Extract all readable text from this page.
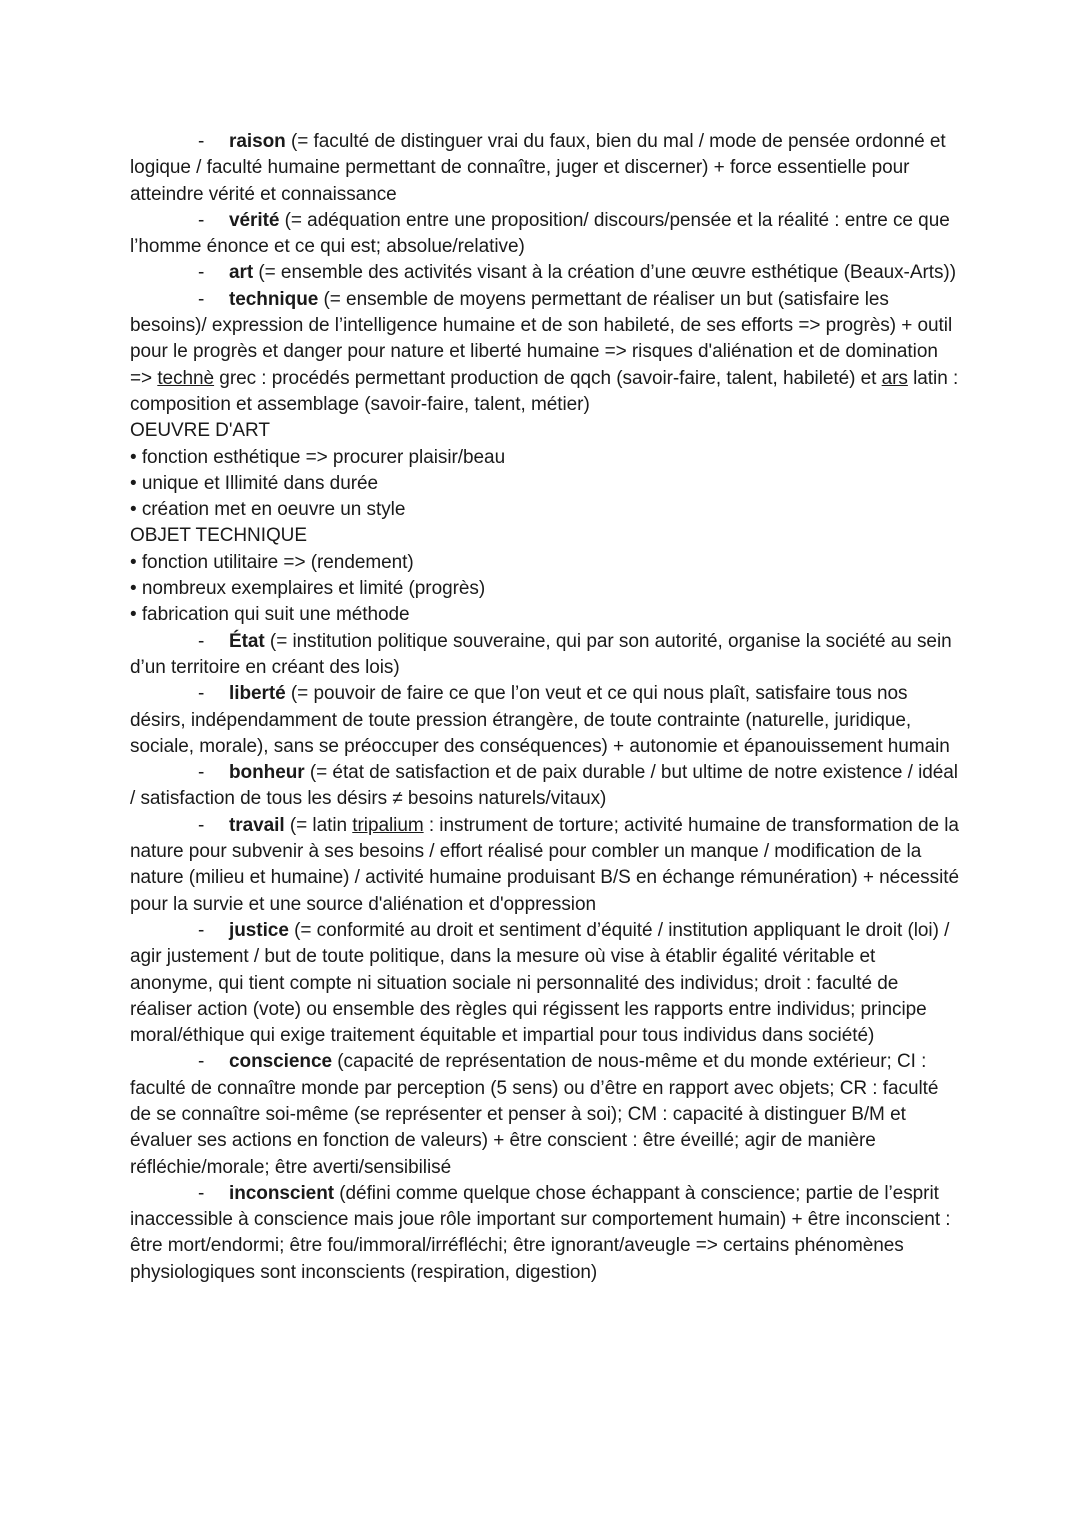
- raison (= faculté de distinguer vrai du faux, bien du mal / mode de pensée ordonné et logique / faculté humaine permettant de connaître, juger et discerner) + force essentielle pour atteindre vérité et connaissance

- vérité (= adéquation entre une proposition/ discours/pensée et la réalité : entre ce que l’homme énonce et ce qui est; absolue/relative)

- art (= ensemble des activités visant à la création d’une œuvre esthétique (Beaux-Arts))

- technique (= ensemble de moyens permettant de réaliser un but (satisfaire les besoins)/ expression de l’intelligence humaine et de son habileté, de ses efforts => progrès) + outil pour le progrès et danger pour nature et liberté humaine => risques d'aliénation et de domination

=> technè grec : procédés permettant production de qqch (savoir-faire, talent, habileté) et ars latin : composition et assemblage (savoir-faire, talent, métier)

OEUVRE D'ART

• fonction esthétique => procurer plaisir/beau

• unique et Illimité dans durée

• création met en oeuvre un style

OBJET TECHNIQUE

• fonction utilitaire => (rendement)

• nombreux exemplaires et limité (progrès)

• fabrication qui suit une méthode

- État (= institution politique souveraine, qui par son autorité, organise la société au sein d’un territoire en créant des lois)

- liberté (= pouvoir de faire ce que l’on veut et ce qui nous plaît, satisfaire tous nos désirs, indépendamment de toute pression étrangère, de toute contrainte (naturelle, juridique, sociale, morale), sans se préoccuper des conséquences) + autonomie et épanouissement humain

- bonheur (= état de satisfaction et de paix durable / but ultime de notre existence / idéal / satisfaction de tous les désirs ≠ besoins naturels/vitaux)

- travail (= latin tripalium : instrument de torture; activité humaine de transformation de la nature pour subvenir à ses besoins / effort réalisé pour combler un manque / modification de la nature (milieu et humaine) / activité humaine produisant B/S en échange rémunération) + nécessité pour la survie et une source d'aliénation et d'oppression

- justice (= conformité au droit et sentiment d’équité / institution appliquant le droit (loi) / agir justement / but de toute politique, dans la mesure où vise à établir égalité véritable et anonyme, qui tient compte ni situation sociale ni personnalité des individus; droit : faculté de réaliser action (vote) ou ensemble des règles qui régissent les rapports entre individus; principe moral/éthique qui exige traitement équitable et impartial pour tous individus dans société)

- conscience (capacité de représentation de nous-même et du monde extérieur; CI : faculté de connaître monde par perception (5 sens) ou d’être en rapport avec objets; CR : faculté de se connaître soi-même (se représenter et penser à soi); CM : capacité à distinguer B/M et évaluer ses actions en fonction de valeurs) + être conscient : être éveillé; agir de manière réfléchie/morale; être averti/sensibilisé

- inconscient (défini comme quelque chose échappant à conscience; partie de l’esprit inaccessible à conscience mais joue rôle important sur comportement humain) + être inconscient : être mort/endormi; être fou/immoral/irréfléchi; être ignorant/aveugle => certains phénomènes physiologiques sont inconscients (respiration, digestion)
